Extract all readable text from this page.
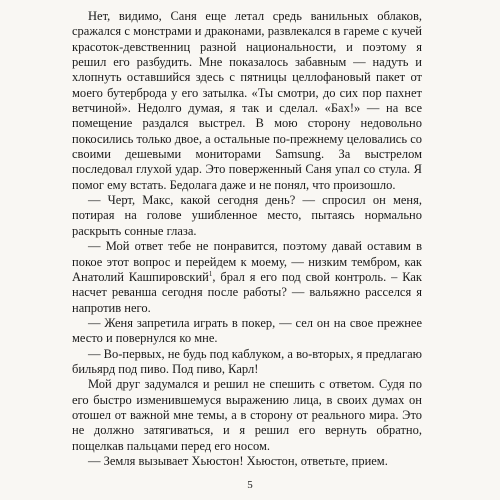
Нет, видимо, Саня еще летал средь ванильных облаков, сражался с монстрами и драконами, развлекался в гареме с кучей красоток-девственниц разной национальности, и поэтому я решил его разбудить. Мне показалось забавным — надуть и хлопнуть оставшийся здесь с пятницы целлофановый пакет от моего бутерброда у его затылка. «Ты смотри, до сих пор пахнет ветчиной». Недолго думая, я так и сделал. «Бах!» — на все помещение раздался выстрел. В мою сторону недовольно покосились только двое, а остальные по-прежнему целовались со своими дешевыми мониторами Samsung. За выстрелом последовал глухой удар. Это поверженный Саня упал со стула. Я помог ему встать. Бедолага даже и не понял, что произошло.

— Черт, Макс, какой сегодня день? — спросил он меня, потирая на голове ушибленное место, пытаясь нормально раскрыть сонные глаза.

— Мой ответ тебе не понравится, поэтому давай оставим в покое этот вопрос и перейдем к моему, — низким тембром, как Анатолий Кашпировский$^1$, брал я его под свой контроль. – Как насчет реванша сегодня после работы? — вальяжно расселся я напротив него.

— Женя запретила играть в покер, — сел он на свое прежнее место и повернулся ко мне.

— Во-первых, не будь под каблуком, а во-вторых, я предлагаю бильярд под пиво. Под пиво, Карл!

Мой друг задумался и решил не спешить с ответом. Судя по его быстро изменившемуся выражению лица, в своих думах он отошел от важной мне темы, а в сторону от реального мира. Это не должно затягиваться, и я решил его вернуть обратно, пощелкав пальцами перед его носом.

— Земля вызывает Хьюстон! Хьюстон, ответьте, прием.

5
